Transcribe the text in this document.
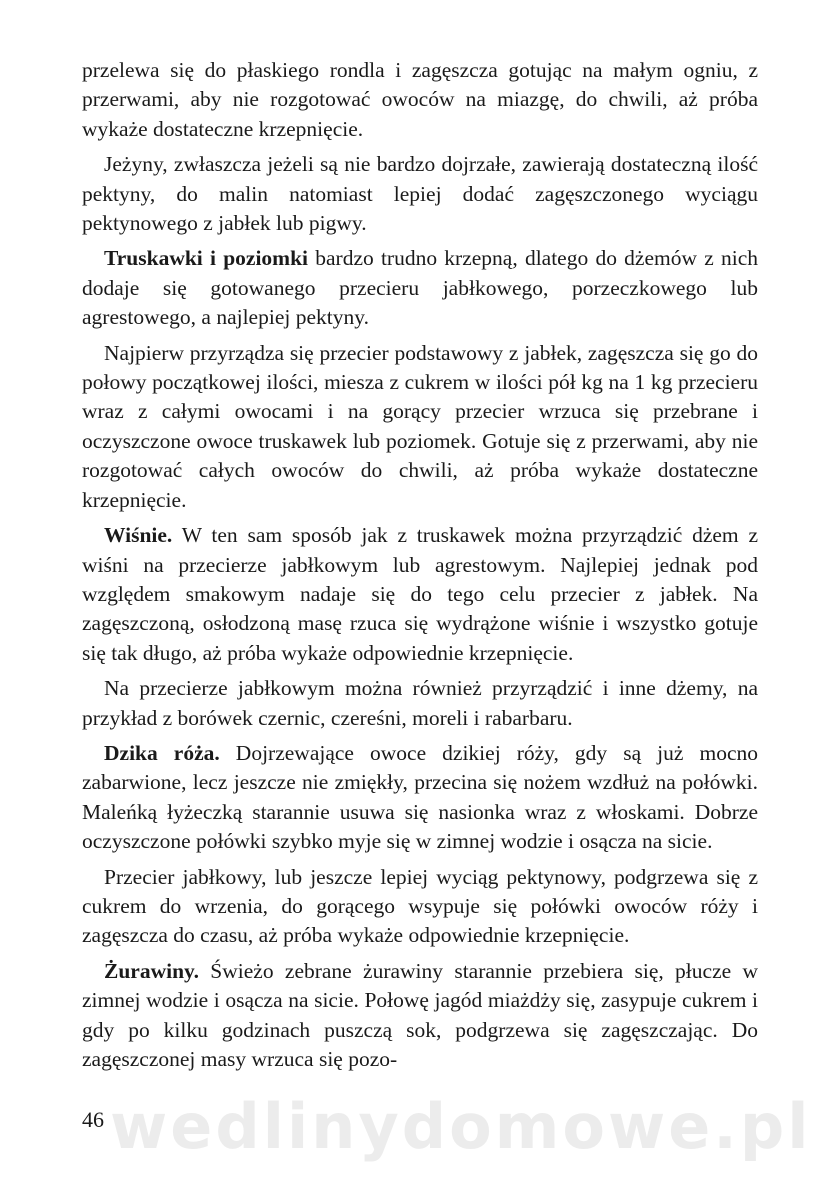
przelewa się do płaskiego rondla i zagęszcza gotując na małym ogniu, z przerwami, aby nie rozgotować owoców na miazgę, do chwili, aż próba wykaże dostateczne krzepnięcie.

Jeżyny, zwłaszcza jeżeli są nie bardzo dojrzałe, zawierają dostateczną ilość pektyny, do malin natomiast lepiej dodać zagęszczonego wyciągu pektynowego z jabłek lub pigwy.

Truskawki i poziomki bardzo trudno krzepną, dlatego do dżemów z nich dodaje się gotowanego przecieru jabłkowego, porzeczkowego lub agrestowego, a najlepiej pektyny.

Najpierw przyrządza się przecier podstawowy z jabłek, zagęszcza się go do połowy początkowej ilości, miesza z cukrem w ilości pół kg na 1 kg przecieru wraz z całymi owocami i na gorący przecier wrzuca się przebrane i oczyszczone owoce truskawek lub poziomek. Gotuje się z przerwami, aby nie rozgotować całych owoców do chwili, aż próba wykaże dostateczne krzepnięcie.

Wiśnie. W ten sam sposób jak z truskawek można przyrządzić dżem z wiśni na przecierze jabłkowym lub agrestowym. Najlepiej jednak pod względem smakowym nadaje się do tego celu przecier z jabłek. Na zagęszczoną, osłodzoną masę rzuca się wydrążone wiśnie i wszystko gotuje się tak długo, aż próba wykaże odpowiednie krzepnięcie.

Na przecierze jabłkowym można również przyrządzić i inne dżemy, na przykład z borówek czernic, czereśni, moreli i rabarbaru.

Dzika róża. Dojrzewające owoce dzikiej róży, gdy są już mocno zabarwione, lecz jeszcze nie zmiękły, przecina się nożem wzdłuż na połówki. Maleńką łyżeczką starannie usuwa się nasionka wraz z włoskami. Dobrze oczyszczone połówki szybko myje się w zimnej wodzie i osącza na sicie.

Przecier jabłkowy, lub jeszcze lepiej wyciąg pektynowy, podgrzewa się z cukrem do wrzenia, do gorącego wsypuje się połówki owoców róży i zagęszcza do czasu, aż próba wykaże odpowiednie krzepnięcie.

Żurawiny. Świeżo zebrane żurawiny starannie przebiera się, płucze w zimnej wodzie i osącza na sicie. Połowę jagód miażdży się, zasypuje cukrem i gdy po kilku godzinach puszczą sok, podgrzewa się zagęszczając. Do zagęszczonej masy wrzuca się pozo-

wedlinydomowe.pl
46
